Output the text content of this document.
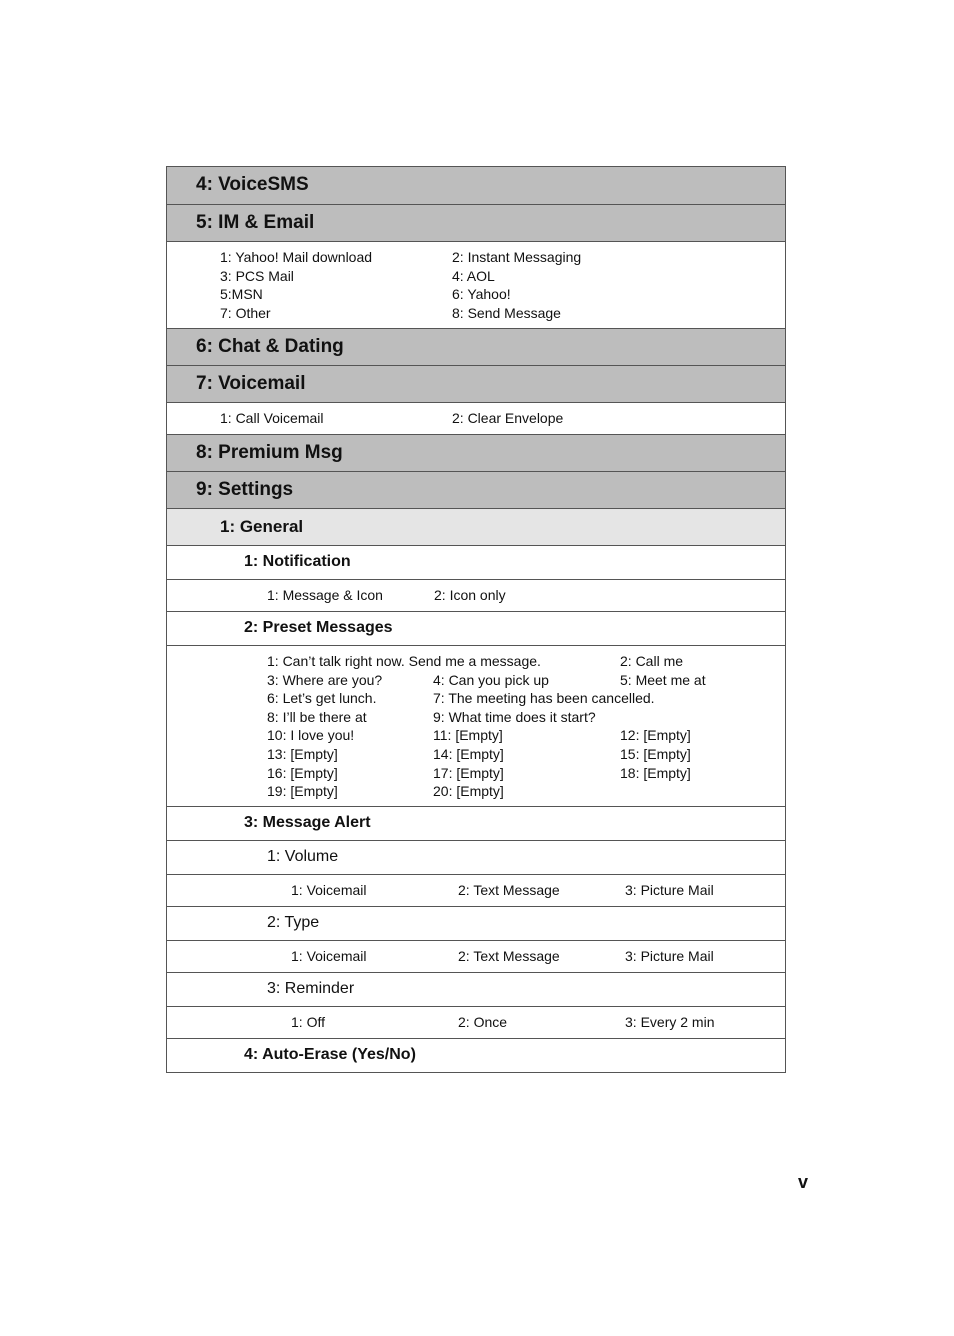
4: VoiceSMS
5: IM & Email
1: Yahoo! Mail download	2: Instant Messaging
3: PCS Mail	4: AOL
5:MSN	6: Yahoo!
7: Other	8: Send Message
6: Chat & Dating
7: Voicemail
1: Call Voicemail	2: Clear Envelope
8: Premium Msg
9: Settings
1: General
1: Notification
1: Message & Icon	2: Icon only
2: Preset Messages
1: Can’t talk right now. Send me a message.	2: Call me
3: Where are you?	4: Can you pick up	5: Meet me at
6: Let’s get lunch.	7: The meeting has been cancelled.
8: I’ll be there at	9: What time does it start?
10: I love you!	11: [Empty]	12: [Empty]
13: [Empty]	14: [Empty]	15: [Empty]
16: [Empty]	17: [Empty]	18: [Empty]
19: [Empty]	20: [Empty]
3: Message Alert
1: Volume
1: Voicemail	2: Text Message	3: Picture Mail
2: Type
1: Voicemail	2: Text Message	3: Picture Mail
3: Reminder
1: Off	2: Once	3: Every 2 min
4: Auto-Erase (Yes/No)
v
